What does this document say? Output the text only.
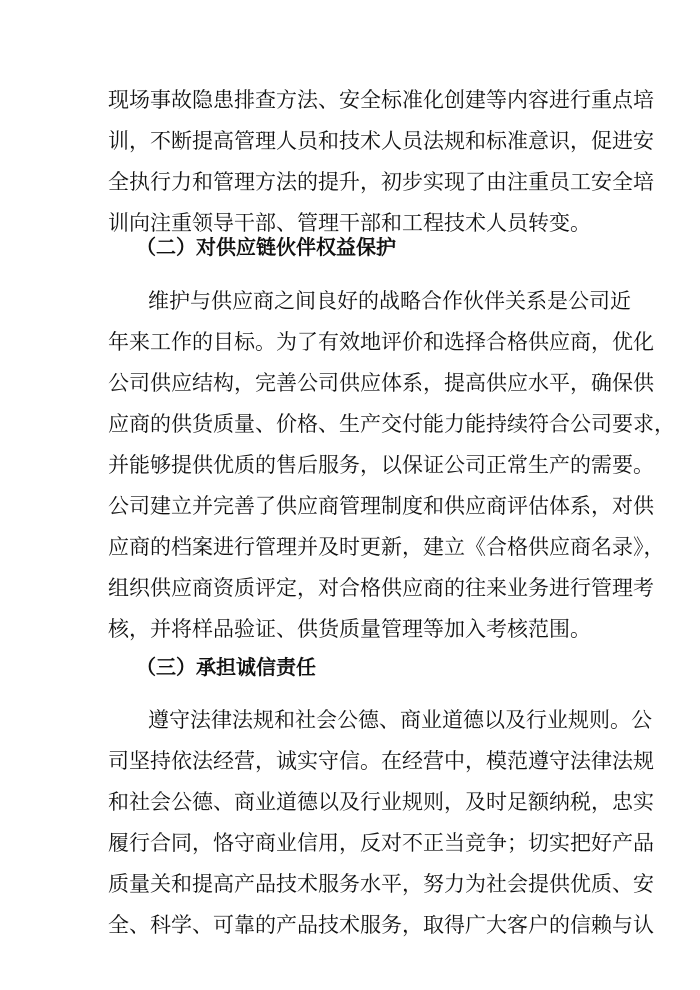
现场事故隐患排查方法、安全标准化创建等内容进行重点培
训，不断提高管理人员和技术人员法规和标准意识，促进安
全执行力和管理方法的提升，初步实现了由注重员工安全培
训向注重领导干部、管理干部和工程技术人员转变。
（二）对供应链伙伴权益保护
维护与供应商之间良好的战略合作伙伴关系是公司近
年来工作的目标。为了有效地评价和选择合格供应商，优化
公司供应结构，完善公司供应体系，提高供应水平，确保供
应商的供货质量、价格、生产交付能力能持续符合公司要求，
并能够提供优质的售后服务，以保证公司正常生产的需要。
公司建立并完善了供应商管理制度和供应商评估体系，对供
应商的档案进行管理并及时更新，建立《合格供应商名录》，
组织供应商资质评定，对合格供应商的往来业务进行管理考
核，并将样品验证、供货质量管理等加入考核范围。
（三）承担诚信责任
遵守法律法规和社会公德、商业道德以及行业规则。公
司坚持依法经营，诚实守信。在经营中，模范遵守法律法规
和社会公德、商业道德以及行业规则，及时足额纳税，忠实
履行合同，恪守商业信用，反对不正当竞争；切实把好产品
质量关和提高产品技术服务水平，努力为社会提供优质、安
全、科学、可靠的产品技术服务，取得广大客户的信赖与认
